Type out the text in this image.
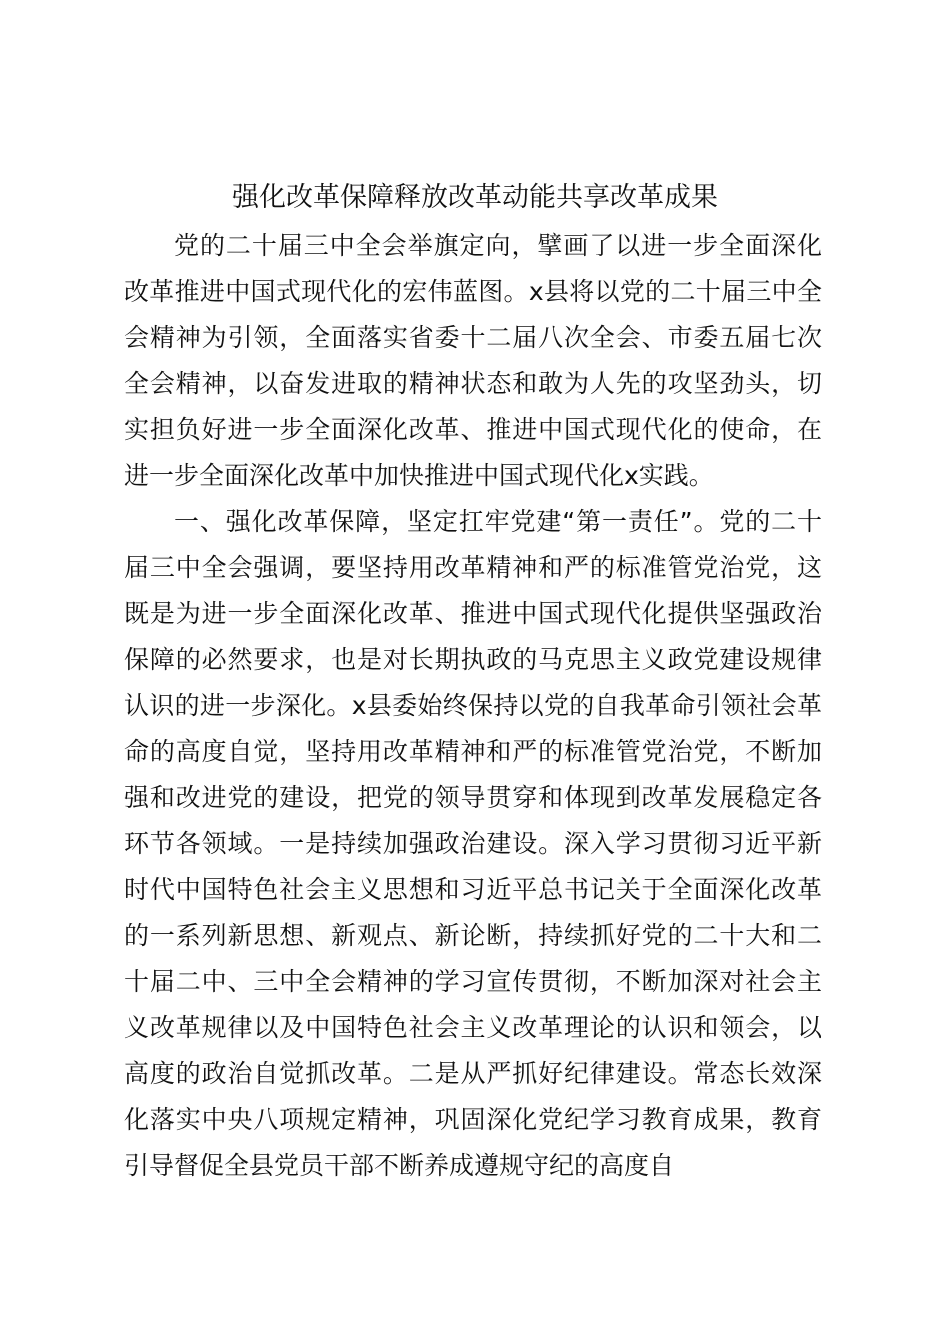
强化改革保障释放改革动能共享改革成果

党的二十届三中全会举旗定向，擘画了以进一步全面深化改革推进中国式现代化的宏伟蓝图。x县将以党的二十届三中全会精神为引领，全面落实省委十二届八次全会、市委五届七次全会精神，以奋发进取的精神状态和敢为人先的攻坚劲头，切实担负好进一步全面深化改革、推进中国式现代化的使命，在进一步全面深化改革中加快推进中国式现代化x实践。

一、强化改革保障，坚定扛牢党建“第一责任”。党的二十届三中全会强调，要坚持用改革精神和严的标准管党治党，这既是为进一步全面深化改革、推进中国式现代化提供坚强政治保障的必然要求，也是对长期执政的马克思主义政党建设规律认识的进一步深化。x县委始终保持以党的自我革命引领社会革命的高度自觉，坚持用改革精神和严的标准管党治党，不断加强和改进党的建设，把党的领导贯穿和体现到改革发展稳定各环节各领域。一是持续加强政治建设。深入学习贯彻习近平新时代中国特色社会主义思想和习近平总书记关于全面深化改革的一系列新思想、新观点、新论断，持续抓好党的二十大和二十届二中、三中全会精神的学习宣传贯彻，不断加深对社会主义改革规律以及中国特色社会主义改革理论的认识和领会，以高度的政治自觉抓改革。二是从严抓好纪律建设。常态长效深化落实中央八项规定精神，巩固深化党纪学习教育成果，教育引导督促全县党员干部不断养成遵规守纪的高度自
